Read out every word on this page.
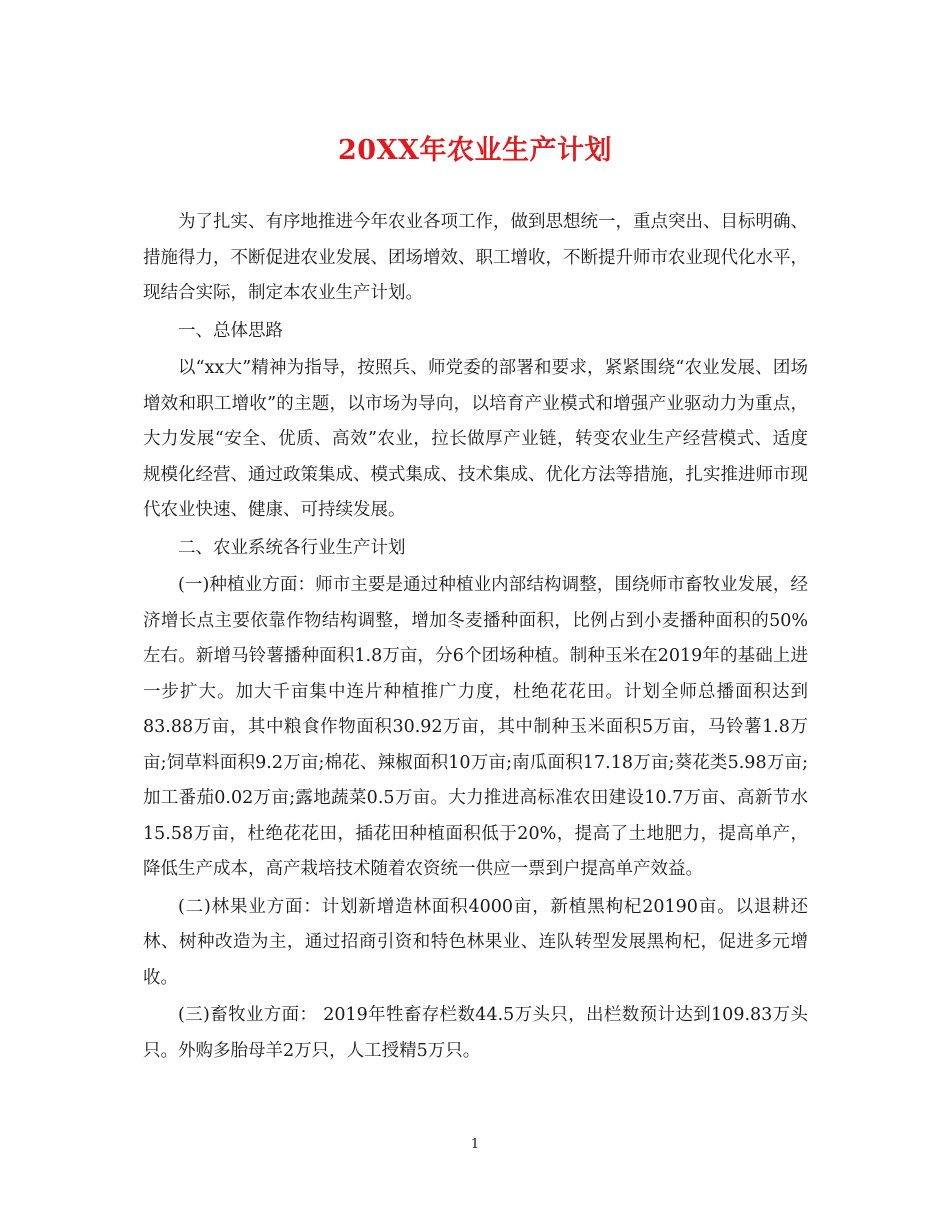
20XX年农业生产计划

为了扎实、有序地推进今年农业各项工作，做到思想统一，重点突出、目标明确、措施得力，不断促进农业发展、团场增效、职工增收，不断提升师市农业现代化水平，现结合实际，制定本农业生产计划。

一、总体思路

以“xx大”精神为指导，按照兵、师党委的部署和要求，紧紧围绕“农业发展、团场增效和职工增收”的主题，以市场为导向，以培育产业模式和增强产业驱动力为重点，大力发展“安全、优质、高效”农业，拉长做厚产业链，转变农业生产经营模式、适度规模化经营、通过政策集成、模式集成、技术集成、优化方法等措施，扎实推进师市现代农业快速、健康、可持续发展。

二、农业系统各行业生产计划

(一)种植业方面：师市主要是通过种植业内部结构调整，围绕师市畜牧业发展，经济增长点主要依靠作物结构调整，增加冬麦播种面积，比例占到小麦播种面积的50%左右。新增马铃薯播种面积1.8万亩，分6个团场种植。制种玉米在2019年的基础上进一步扩大。加大千亩集中连片种植推广力度，杜绝花花田。计划全师总播面积达到83.88万亩，其中粮食作物面积30.92万亩，其中制种玉米面积5万亩，马铃薯1.8万亩;饲草料面积9.2万亩;棉花、辣椒面积10万亩;南瓜面积17.18万亩;葵花类5.98万亩;加工番茄0.02万亩;露地蔬菜0.5万亩。大力推进高标准农田建设10.7万亩、高新节水15.58万亩，杜绝花花田，插花田种植面积低于20%，提高了土地肥力，提高单产，降低生产成本，高产栽培技术随着农资统一供应一票到户提高单产效益。

(二)林果业方面：计划新增造林面积4000亩，新植黑枸杞20190亩。以退耕还林、树种改造为主，通过招商引资和特色林果业、连队转型发展黑枸杞，促进多元增收。

(三)畜牧业方面： 2019年牲畜存栏数44.5万头只，出栏数预计达到109.83万头只。外购多胎母羊2万只，人工授精5万只。

1
